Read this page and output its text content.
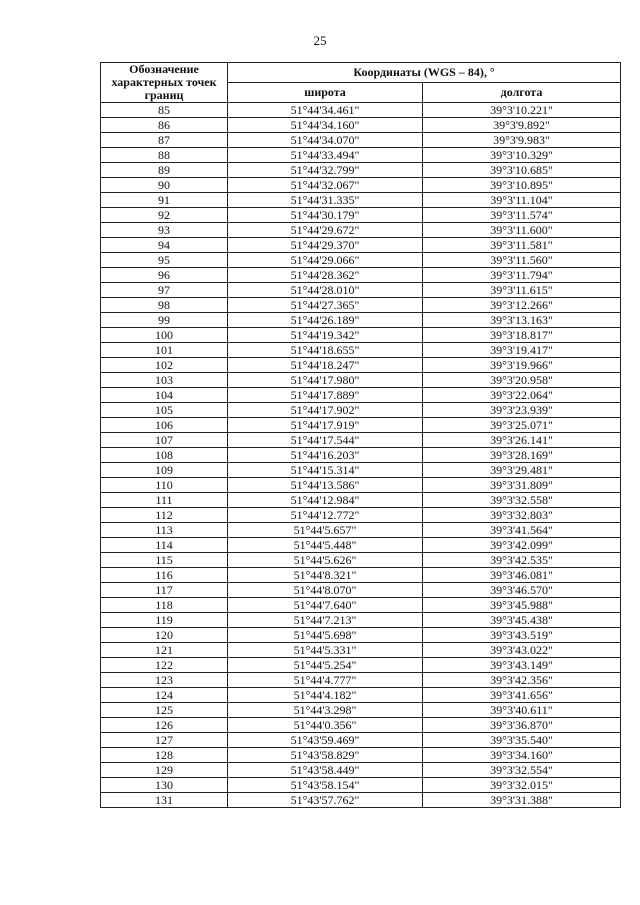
25
Обозначение характерных точек границ	Координаты (WGS – 84), °	
	широта	долгота
85	51°44'34.461"	39°3'10.221"
86	51°44'34.160"	39°3'9.892"
87	51°44'34.070"	39°3'9.983"
88	51°44'33.494"	39°3'10.329"
89	51°44'32.799"	39°3'10.685"
90	51°44'32.067"	39°3'10.895"
91	51°44'31.335"	39°3'11.104"
92	51°44'30.179"	39°3'11.574"
93	51°44'29.672"	39°3'11.600"
94	51°44'29.370"	39°3'11.581"
95	51°44'29.066"	39°3'11.560"
96	51°44'28.362"	39°3'11.794"
97	51°44'28.010"	39°3'11.615"
98	51°44'27.365"	39°3'12.266"
99	51°44'26.189"	39°3'13.163"
100	51°44'19.342"	39°3'18.817"
101	51°44'18.655"	39°3'19.417"
102	51°44'18.247"	39°3'19.966"
103	51°44'17.980"	39°3'20.958"
104	51°44'17.889"	39°3'22.064"
105	51°44'17.902"	39°3'23.939"
106	51°44'17.919"	39°3'25.071"
107	51°44'17.544"	39°3'26.141"
108	51°44'16.203"	39°3'28.169"
109	51°44'15.314"	39°3'29.481"
110	51°44'13.586"	39°3'31.809"
111	51°44'12.984"	39°3'32.558"
112	51°44'12.772"	39°3'32.803"
113	51°44'5.657"	39°3'41.564"
114	51°44'5.448"	39°3'42.099"
115	51°44'5.626"	39°3'42.535"
116	51°44'8.321"	39°3'46.081"
117	51°44'8.070"	39°3'46.570"
118	51°44'7.640"	39°3'45.988"
119	51°44'7.213"	39°3'45.438"
120	51°44'5.698"	39°3'43.519"
121	51°44'5.331"	39°3'43.022"
122	51°44'5.254"	39°3'43.149"
123	51°44'4.777"	39°3'42.356"
124	51°44'4.182"	39°3'41.656"
125	51°44'3.298"	39°3'40.611"
126	51°44'0.356"	39°3'36.870"
127	51°43'59.469"	39°3'35.540"
128	51°43'58.829"	39°3'34.160"
129	51°43'58.449"	39°3'32.554"
130	51°43'58.154"	39°3'32.015"
131	51°43'57.762"	39°3'31.388"
